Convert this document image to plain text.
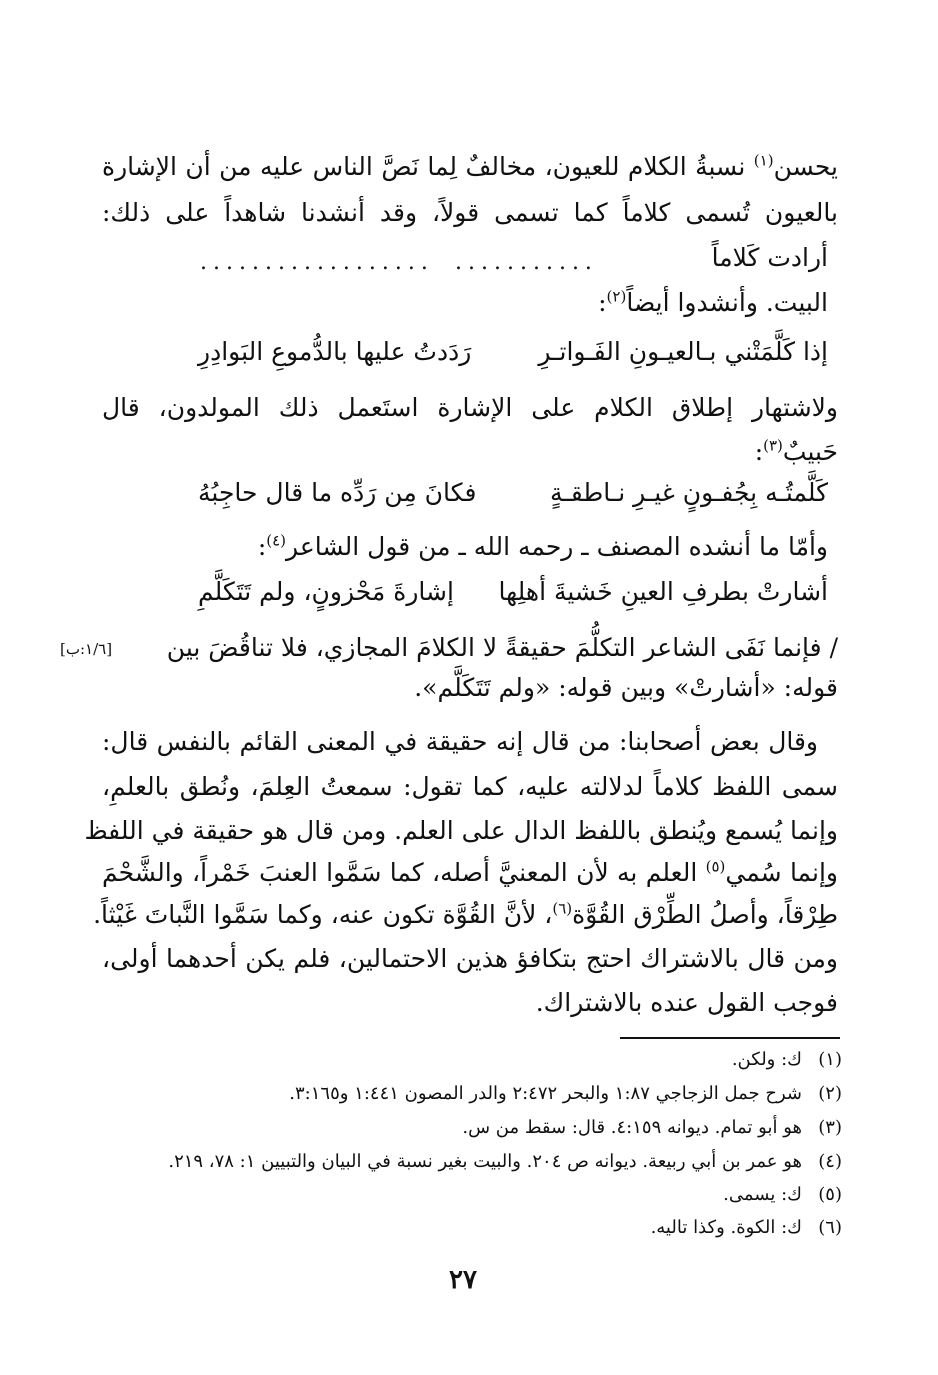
يحسن$^{(١)}$ نسبةُ الكلام للعيون، مخالفٌ لِما نَصَّ الناس عليه من أن الإشارة
بالعيون تُسمى كلاماً كما تسمى قولاً، وقد أنشدنا شاهداً على ذلك:
أرادت كَلاماً
...........
..................
البيت. وأنشدوا أيضاً$^{(٢)}$:
إذا كَلَّمَتْني بـالعيـونِ الفَـواتـرِ
رَدَدتُ عليها بالدُّموعِ البَوادِرِ
ولاشتهار إطلاق الكلام على الإشارة استَعمل ذلك المولدون، قال
حَبيبٌ$^{(٣)}$:
كَلَّمتُـه بِجُفـونٍ غيـرِ نـاطقـةٍ
فكانَ مِن رَدِّه ما قال حاجِبُهُ
وأمّا ما أنشده المصنف ـ رحمه الله ـ من قول الشاعر$^{(٤)}$:
أشارتْ بطرفِ العينِ خَشيةَ أهلِها
إشارةَ مَحْزونٍ، ولم تَتَكَلَّمِ
/ فإنما نَفَى الشاعر التكلُّمَ حقيقةً لا الكلامَ المجازي، فلا تناقُضَ بين
[١/٦:ب]
قوله: «أشارتْ» وبين قوله: «ولم تَتَكَلَّم».
وقال بعض أصحابنا: من قال إنه حقيقة في المعنى القائم بالنفس قال:
سمى اللفظ كلاماً لدلالته عليه، كما تقول: سمعتُ العِلمَ، ونُطق بالعلمِ،
وإنما يُسمع ويُنطق باللفظ الدال على العلم. ومن قال هو حقيقة في اللفظ
وإنما سُمي$^{(٥)}$ العلم به لأن المعنيَّ أصله، كما سَمَّوا العنبَ خَمْراً، والشَّحْمَ
طِرْقاً، وأصلُ الطِّرْق القُوَّة$^{(٦)}$، لأنَّ القُوَّة تكون عنه، وكما سَمَّوا النَّباتَ غَيْثاً.
ومن قال بالاشتراك احتج بتكافؤ هذين الاحتمالين، فلم يكن أحدهما أولى،
فوجب القول عنده بالاشتراك.
(١)ك: ولكن.
(٢)شرح جمل الزجاجي ١:٨٧ والبحر ٢:٤٧٢ والدر المصون ١:٤٤١ و٣:١٦٥.
(٣)هو أبو تمام. ديوانه ٤:١٥٩. قال: سقط من س.
(٤)هو عمر بن أبي ربيعة. ديوانه ص ٢٠٤. والبيت بغير نسبة في البيان والتبيين ١: ٧٨، ٢١٩.
(٥)ك: يسمى.
(٦)ك: الكوة. وكذا تاليه.
٢٧
